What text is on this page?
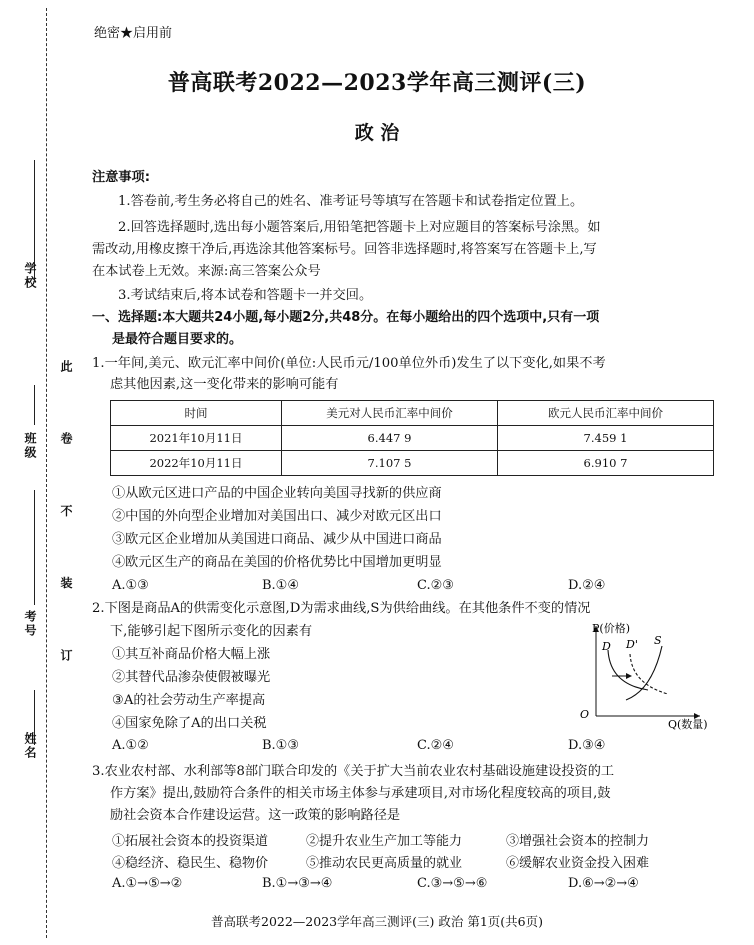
学校
班级
考号
姓名
此 卷 不 装 订
绝密★启用前
普高联考2022—2023学年高三测评(三)
政 治
注意事项:
1.答卷前,考生务必将自己的姓名、准考证号等填写在答题卡和试卷指定位置上。
2.回答选择题时,选出每小题答案后,用铅笔把答题卡上对应题目的答案标号涂黑。如
需改动,用橡皮擦干净后,再选涂其他答案标号。回答非选择题时,将答案写在答题卡上,写
在本试卷上无效。来源:高三答案公众号
3.考试结束后,将本试卷和答题卡一并交回。
一、选择题:本大题共24小题,每小题2分,共48分。在每小题给出的四个选项中,只有一项
是最符合题目要求的。
1.一年间,美元、欧元汇率中间价(单位:人民币元/100单位外币)发生了以下变化,如果不考
虑其他因素,这一变化带来的影响可能有
时间	美元对人民币汇率中间价	欧元人民币汇率中间价
2021年10月11日	6.447 9	7.459 1
2022年10月11日	7.107 5	6.910 7
①从欧元区进口产品的中国企业转向美国寻找新的供应商
②中国的外向型企业增加对美国出口、减少对欧元区出口
③欧元区企业增加从美国进口商品、减少从中国进口商品
④欧元区生产的商品在美国的价格优势比中国增加更明显
A.①③	B.①④	C.②③	D.②④
2.下图是商品A的供需变化示意图,D为需求曲线,S为供给曲线。在其他条件不变的情况
下,能够引起下图所示变化的因素有
①其互补商品价格大幅上涨
②其替代品渗杂使假被曝光
③A的社会劳动生产率提高
④国家免除了A的出口关税
A.①②	B.①③	C.②④	D.③④
P(价格)
Q(数量)
O
D D' S
3.农业农村部、水利部等8部门联合印发的《关于扩大当前农业农村基础设施建设投资的工
作方案》提出,鼓励符合条件的相关市场主体参与承建项目,对市场化程度较高的项目,鼓
励社会资本合作建设运营。这一政策的影响路径是
①拓展社会资本的投资渠道	②提升农业生产加工等能力	③增强社会资本的控制力
④稳经济、稳民生、稳物价	⑤推动农民更高质量的就业	⑥缓解农业资金投入困难
A.①→⑤→②	B.①→③→④	C.③→⑤→⑥	D.⑥→②→④
普高联考2022—2023学年高三测评(三) 政治 第1页(共6页)
